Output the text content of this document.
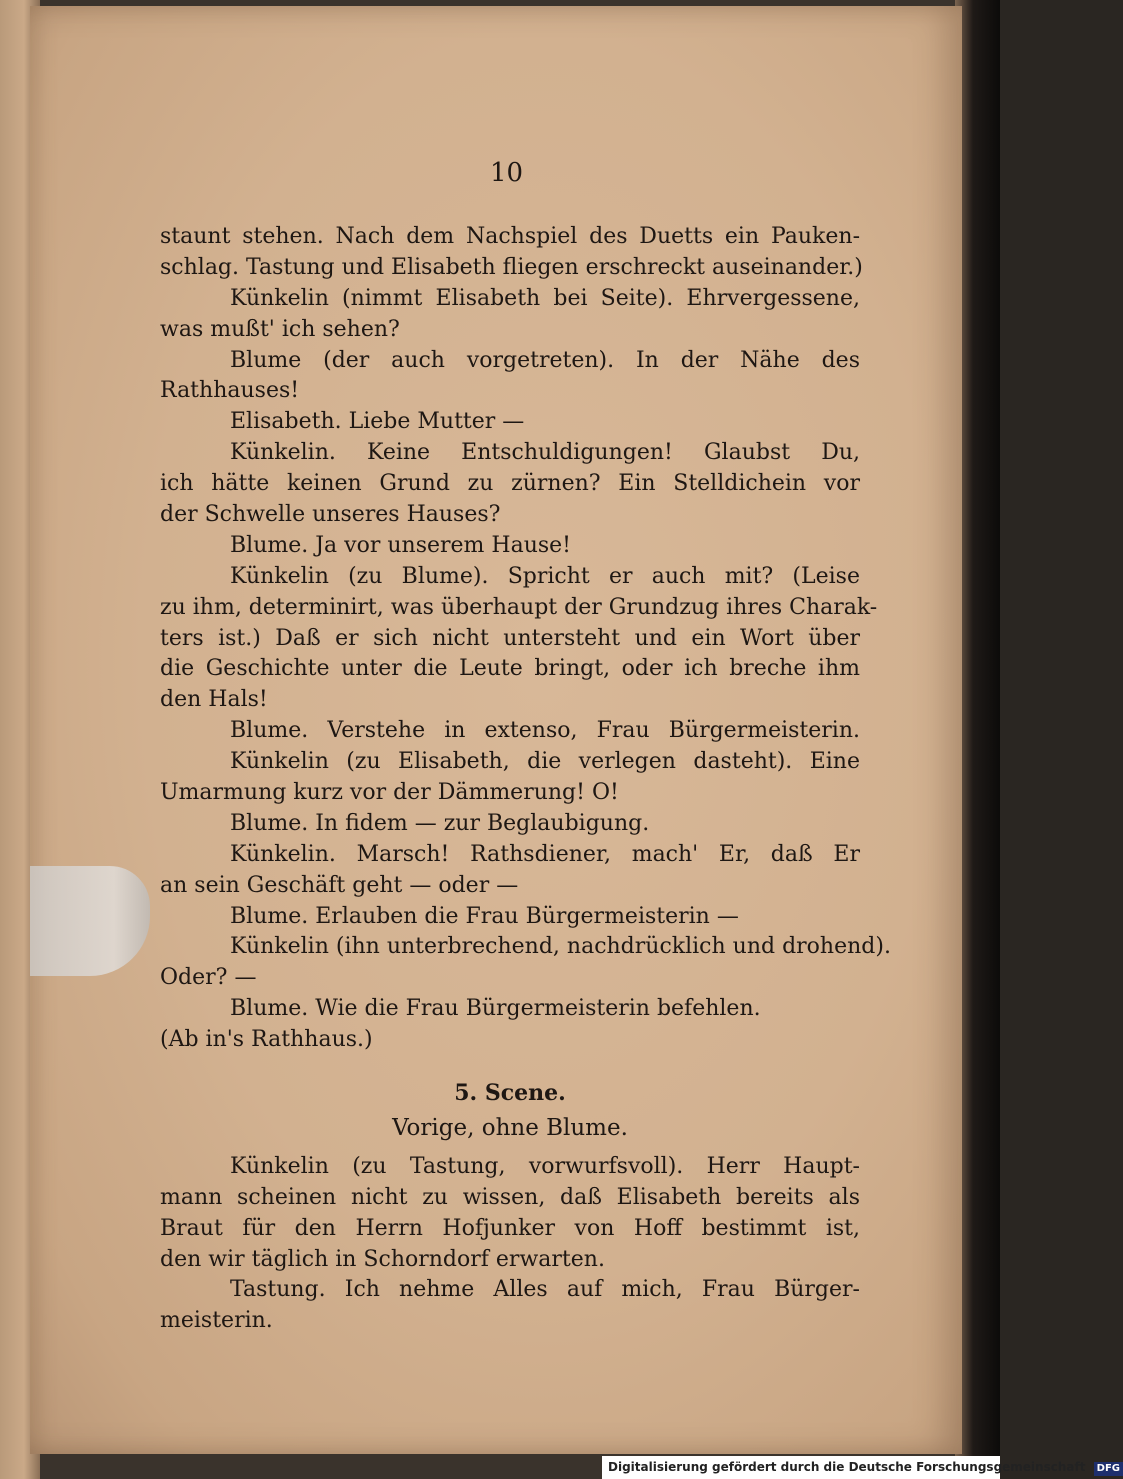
10
staunt stehen. Nach dem Nachspiel des Duetts ein Pauken-
schlag. Tastung und Elisabeth fliegen erschreckt auseinander.)
Künkelin (nimmt Elisabeth bei Seite). Ehrvergessene,
was mußt' ich sehen?
Blume (der auch vorgetreten). In der Nähe des
Rathhauses!
Elisabeth. Liebe Mutter —
Künkelin. Keine Entschuldigungen! Glaubst Du,
ich hätte keinen Grund zu zürnen? Ein Stelldichein vor
der Schwelle unseres Hauses?
Blume. Ja vor unserem Hause!
Künkelin (zu Blume). Spricht er auch mit? (Leise
zu ihm, determinirt, was überhaupt der Grundzug ihres Charak-
ters ist.) Daß er sich nicht untersteht und ein Wort über
die Geschichte unter die Leute bringt, oder ich breche ihm
den Hals!
Blume. Verstehe in extenso, Frau Bürgermeisterin.
Künkelin (zu Elisabeth, die verlegen dasteht). Eine
Umarmung kurz vor der Dämmerung! O!
Blume. In fidem — zur Beglaubigung.
Künkelin. Marsch! Rathsdiener, mach' Er, daß Er
an sein Geschäft geht — oder —
Blume. Erlauben die Frau Bürgermeisterin —
Künkelin (ihn unterbrechend, nachdrücklich und drohend).
Oder? —
Blume. Wie die Frau Bürgermeisterin befehlen.
(Ab in's Rathhaus.)
5. Scene.
Vorige, ohne Blume.
Künkelin (zu Tastung, vorwurfsvoll). Herr Haupt-
mann scheinen nicht zu wissen, daß Elisabeth bereits als
Braut für den Herrn Hofjunker von Hoff bestimmt ist,
den wir täglich in Schorndorf erwarten.
Tastung. Ich nehme Alles auf mich, Frau Bürger-
meisterin.
Digitalisierung gefördert durch die Deutsche Forschungsgemeinschaft DFG
